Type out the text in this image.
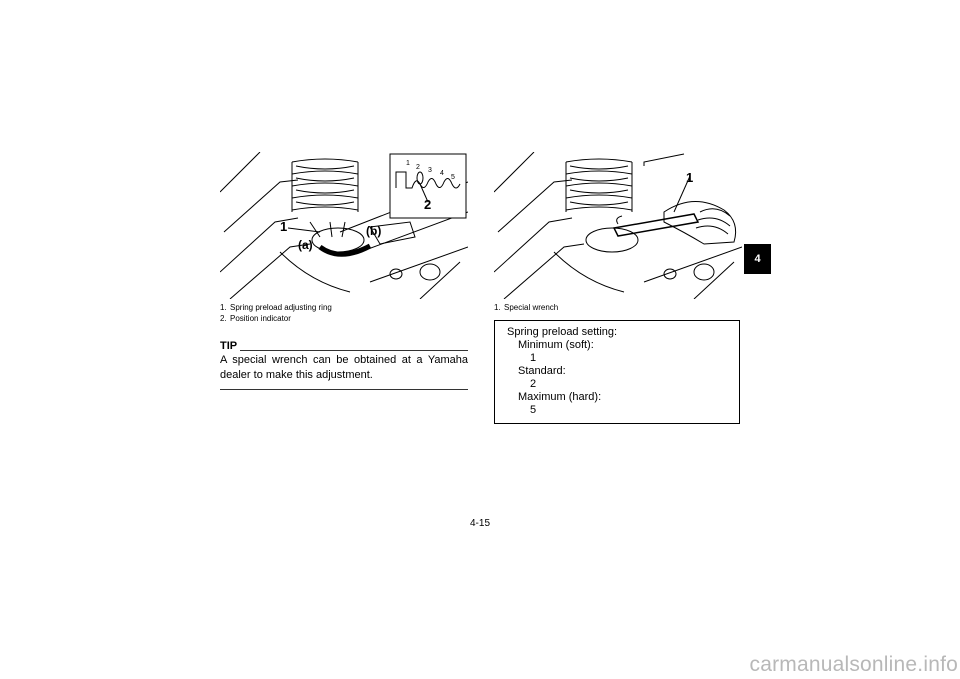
1
2 3 4
5
2
1
(a)
(b)
1. Spring preload adjusting ring
2. Position indicator
TIP
A special wrench can be obtained at a Yamaha dealer to make this adjustment.
1
1. Special wrench
Spring preload setting:
Minimum (soft):
1
Standard:
2
Maximum (hard):
5
4
4-15
carmanualsonline.info
